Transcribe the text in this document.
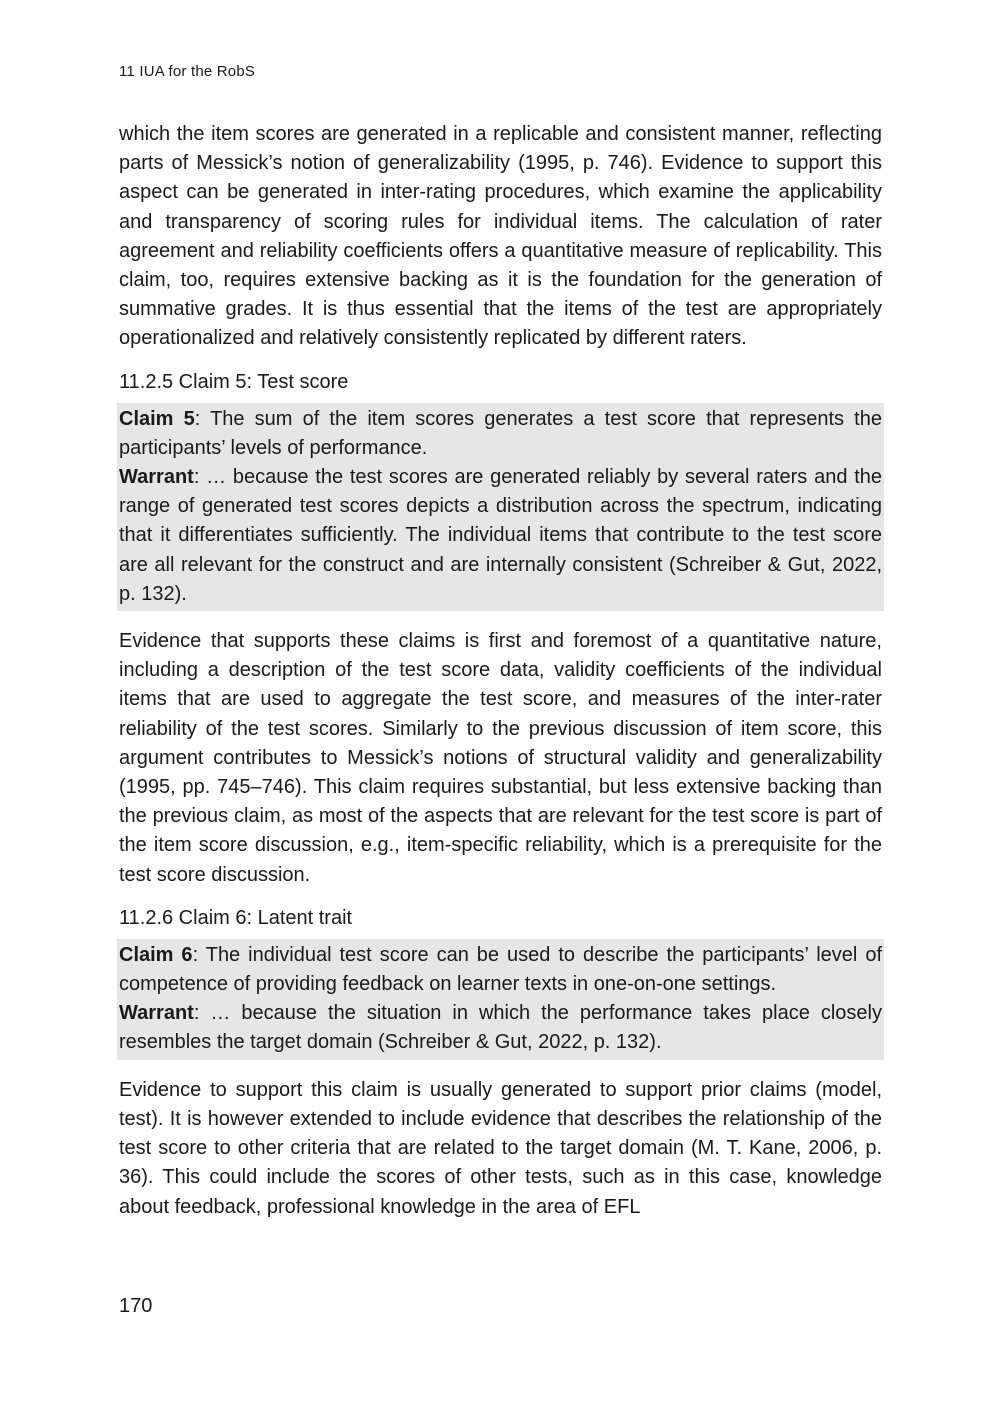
11 IUA for the RobS

which the item scores are generated in a replicable and consistent manner, reflecting parts of Messick’s notion of generalizability (1995, p. 746). Evidence to support this aspect can be generated in inter-rating procedures, which examine the applicability and transparency of scoring rules for individual items. The calculation of rater agreement and reliability coefficients offers a quantitative measure of replicability. This claim, too, requires extensive backing as it is the foundation for the generation of summative grades. It is thus essential that the items of the test are appropriately operationalized and relatively consistently replicated by different raters.

11.2.5 Claim 5: Test score

Claim 5: The sum of the item scores generates a test score that represents the participants’ levels of performance.

Warrant: … because the test scores are generated reliably by several raters and the range of generated test scores depicts a distribution across the spectrum, indicating that it differentiates sufficiently. The individual items that contribute to the test score are all relevant for the construct and are internally consistent (Schreiber & Gut, 2022, p. 132).

Evidence that supports these claims is first and foremost of a quantitative nature, including a description of the test score data, validity coefficients of the individual items that are used to aggregate the test score, and measures of the inter-rater reliability of the test scores. Similarly to the previous discussion of item score, this argument contributes to Messick’s notions of structural validity and generalizability (1995, pp. 745–746). This claim requires substantial, but less extensive backing than the previous claim, as most of the aspects that are relevant for the test score is part of the item score discussion, e.g., item-specific reliability, which is a prerequisite for the test score discussion.

11.2.6 Claim 6: Latent trait

Claim 6: The individual test score can be used to describe the participants’ level of competence of providing feedback on learner texts in one-on-one settings.

Warrant: … because the situation in which the performance takes place closely resembles the target domain (Schreiber & Gut, 2022, p. 132).

Evidence to support this claim is usually generated to support prior claims (model, test). It is however extended to include evidence that describes the relationship of the test score to other criteria that are related to the target domain (M. T. Kane, 2006, p. 36). This could include the scores of other tests, such as in this case, knowledge about feedback, professional knowledge in the area of EFL

170
